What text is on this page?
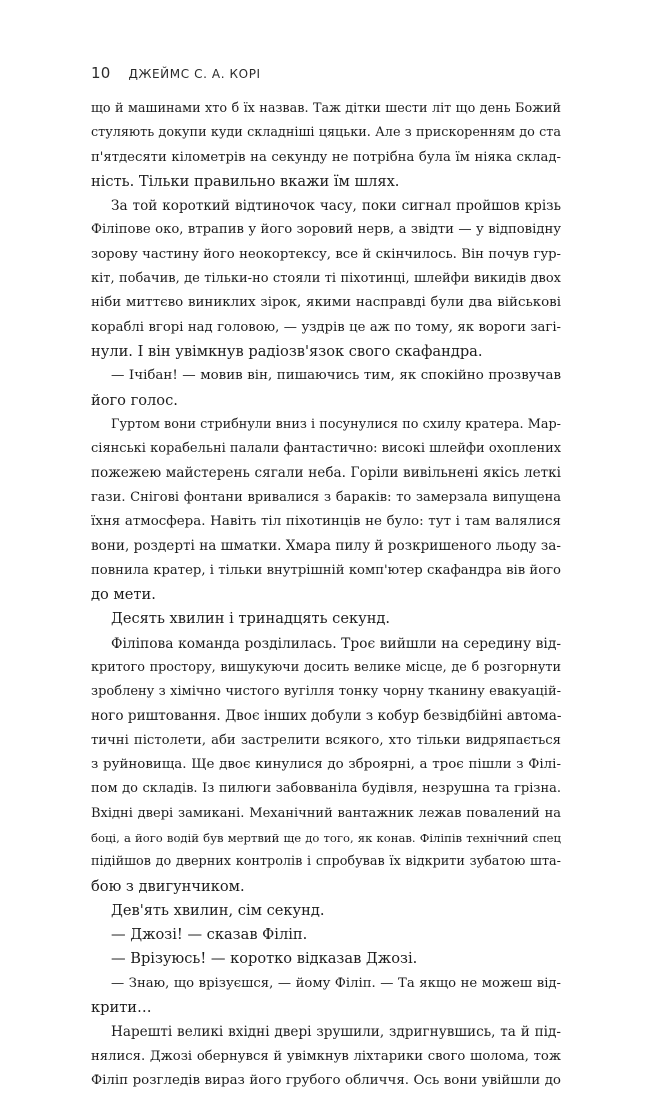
10 ДЖЕЙМС С. А. КОРІ
що й машинами хто б їх назвав. Таж дітки шести літ що день Божий
стуляють докупи куди складніші цяцьки. Але з прискоренням до ста
п'ятдесяти кілометрів на секунду не потрібна була їм ніяка склад-
ність. Тільки правильно вкажи їм шлях.
За той короткий відтиночок часу, поки сигнал пройшов крізь
Філіпове око, втрапив у його зоровий нерв, а звідти — у відповідну
зорову частину його неокортексу, все й скінчилось. Він почув гур-
кіт, побачив, де тільки-но стояли ті піхотинці, шлейфи викидів двох
ніби миттєво виниклих зірок, якими насправді були два військові
кораблі вгорі над головою, — уздрів це аж по тому, як вороги загі-
нули. І він увімкнув радіозв'язок свого скафандра.
— Ічібан! — мовив він, пишаючись тим, як спокійно прозвучав
його голос.
Гуртом вони стрибнули вниз і посунулися по схилу кратера. Мар-
сіянські корабельні палали фантастично: високі шлейфи охоплених
пожежею майстерень сягали неба. Горіли вивільнені якісь леткі
гази. Снігові фонтани вривалися з бараків: то замерзала випущена
їхня атмосфера. Навіть тіл піхотинців не було: тут і там валялися
вони, роздерті на шматки. Хмара пилу й розкришеного льоду за-
повнила кратер, і тільки внутрішній комп'ютер скафандра вів його
до мети.
Десять хвилин і тринадцять секунд.
Філіпова команда розділилась. Троє вийшли на середину від-
критого простору, вишукуючи досить велике місце, де б розгорнути
зроблену з хімічно чистого вугілля тонку чорну тканину евакуацій-
ного риштовання. Двоє інших добули з кобур безвідбійні автома-
тичні пістолети, аби застрелити всякого, хто тільки видряпається
з руйновища. Ще двоє кинулися до зброярні, а троє пішли з Філі-
пом до складів. Із пилюги забовваніла будівля, незрушна та грізна.
Вхідні двері замикані. Механічний вантажник лежав повалений на
боці, а його водій був мертвий ще до того, як конав. Філіпів технічний спец
підійшов до дверних контролів і спробував їх відкрити зубатою шта-
бою з двигунчиком.
Дев'ять хвилин, сім секунд.
— Джозі! — сказав Філіп.
— Врізуюсь! — коротко відказав Джозі.
— Знаю, що врізуєшся, — йому Філіп. — Та якщо не можеш від-
крити…
Нарешті великі вхідні двері зрушили, здригнувшись, та й під-
нялися. Джозі обернувся й увімкнув ліхтарики свого шолома, тож
Філіп розгледів вираз його грубого обличчя. Ось вони увійшли до
